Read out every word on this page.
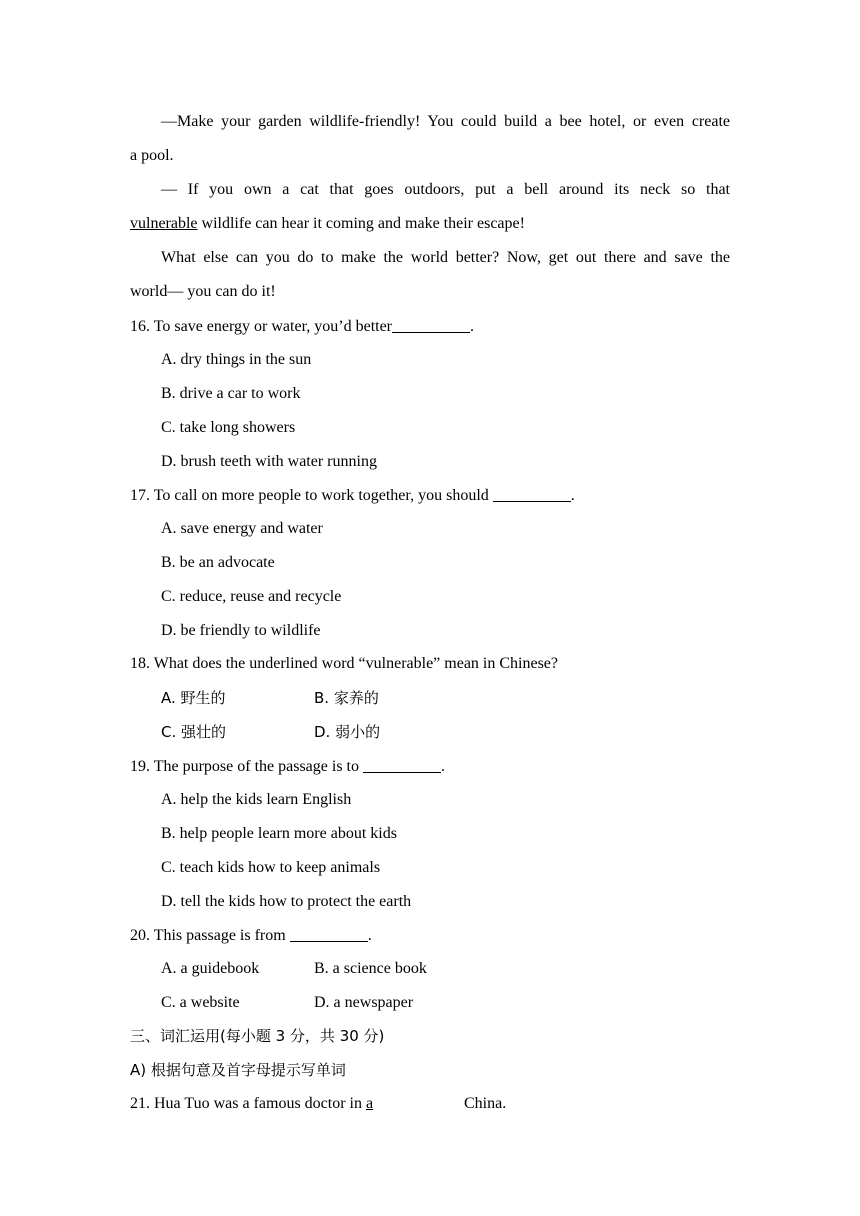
—Make your garden wildlife-friendly! You could build a bee hotel, or even create
a pool.
— If you own a cat that goes outdoors, put a bell around its neck so that
vulnerable wildlife can hear it coming and make their escape!
What else can you do to make the world better? Now, get out there and save the
world— you can do it!
16. To save energy or water, you’d better	.
A. dry things in the sun
B. drive a car to work
C. take long showers
D. brush teeth with water running
17. To call on more people to work together, you should	.
A. save energy and water
B. be an advocate
C. reduce, reuse and recycle
D. be friendly to wildlife
18. What does the underlined word “vulnerable” mean in Chinese?
A. 野生的	B. 家养的
C. 强壮的	D. 弱小的
19. The purpose of the passage is to	.
A. help the kids learn English
B. help people learn more about kids
C. teach kids how to keep animals
D. tell the kids how to protect the earth
20. This passage is from	.
A. a guidebook	B. a science book
C. a website	D. a newspaper
三、词汇运用(每小题 3 分，共 30 分)
A) 根据句意及首字母提示写单词
21. Hua Tuo was a famous doctor in a	China.
